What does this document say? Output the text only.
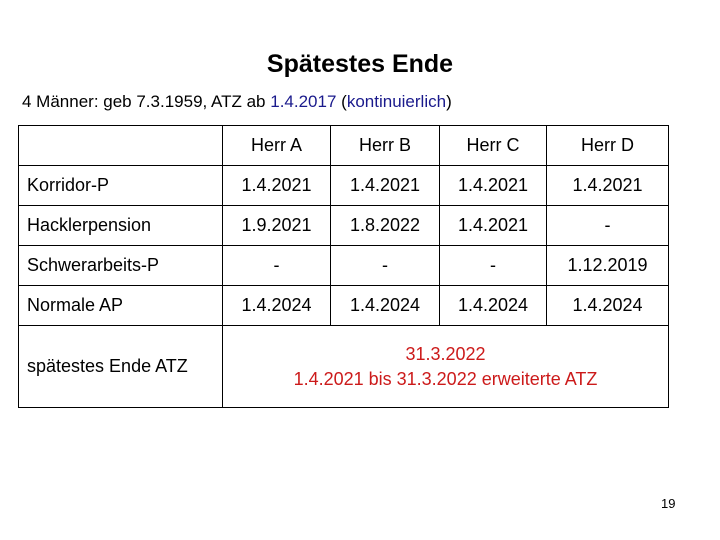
Spätestes Ende
4 Männer: geb 7.3.1959, ATZ ab 1.4.2017 (kontinuierlich)
	Herr A	Herr B	Herr C	Herr D
Korridor-P	1.4.2021	1.4.2021	1.4.2021	1.4.2021
Hacklerpension	1.9.2021	1.8.2022	1.4.2021	-
Schwerarbeits-P	-	-	-	1.12.2019
Normale AP	1.4.2024	1.4.2024	1.4.2024	1.4.2024
spätestes Ende ATZ	31.3.2022
1.4.2021 bis 31.3.2022 erweiterte ATZ			
19
